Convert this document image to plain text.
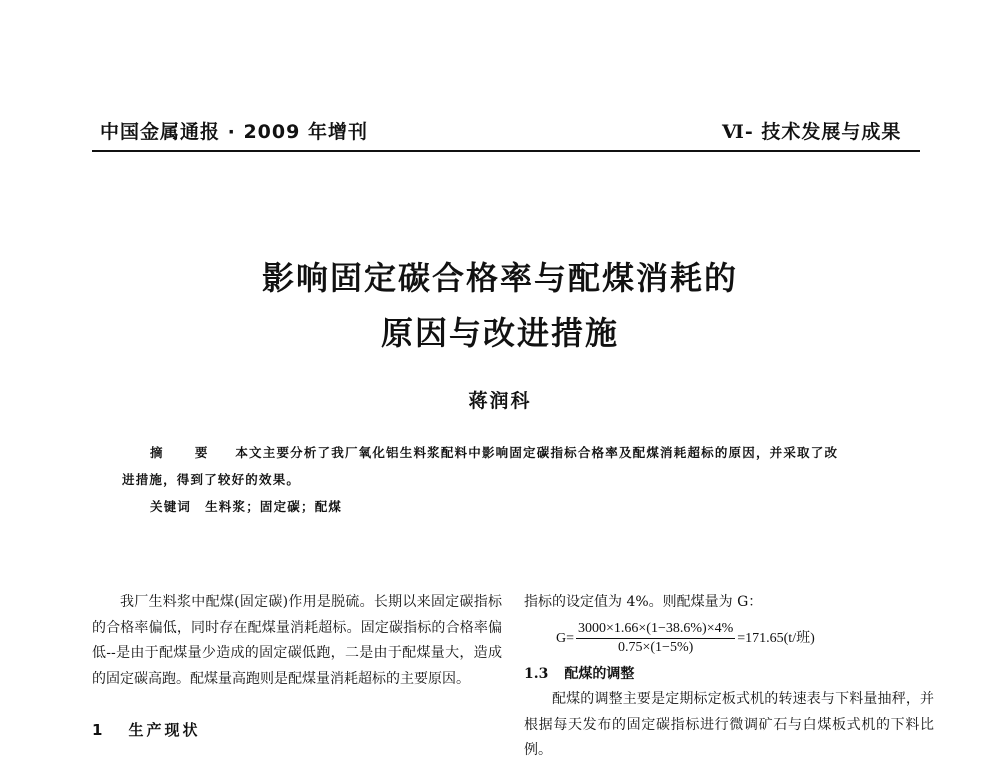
中国金属通报 · 2009 年增刊	Ⅵ- 技术发展与成果
影响固定碳合格率与配煤消耗的
原因与改进措施
蒋润科
摘 要 本文主要分析了我厂氧化铝生料浆配料中影响固定碳指标合格率及配煤消耗超标的原因，并采取了改
进措施，得到了较好的效果。
关键词 生料浆；固定碳；配煤

我厂生料浆中配煤(固定碳)作用是脱硫。长期以来固定碳指标的合格率偏低，同时存在配煤量消耗超标。固定碳指标的合格率偏低--是由于配煤量少造成的固定碳低跑，二是由于配煤量大，造成的固定碳高跑。配煤量高跑则是配煤量消耗超标的主要原因。

1 生产现状

指标的设定值为 4%。则配煤量为 G：

$G= \frac{3000\times 1.66\times(1-38.6\%)\times 4\%}{0.75\times(1-5\%)} =171.65(t/$班)
1.3 配煤的调整

配煤的调整主要是定期标定板式机的转速表与下料量抽秤，并根据每天发布的固定碳指标进行微调矿石与白煤板式机的下料比例。
